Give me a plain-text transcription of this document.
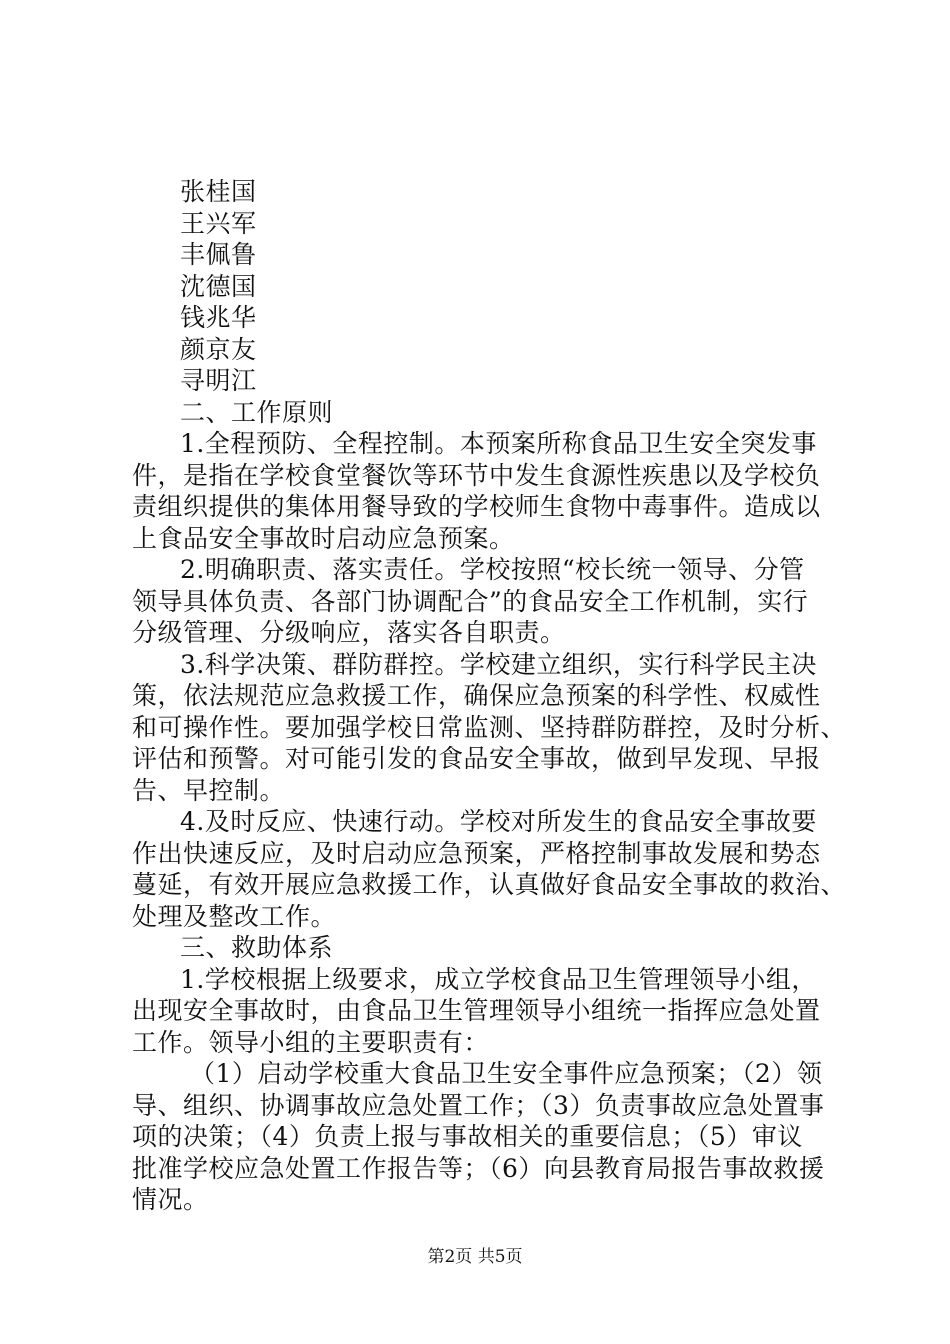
张桂国
王兴军
丰佩鲁
沈德国
钱兆华
颜京友
寻明江
二、工作原则
1.全程预防、全程控制。本预案所称食品卫生安全突发事
件，是指在学校食堂餐饮等环节中发生食源性疾患以及学校负
责组织提供的集体用餐导致的学校师生食物中毒事件。造成以
上食品安全事故时启动应急预案。
2.明确职责、落实责任。学校按照“校长统一领导、分管
领导具体负责、各部门协调配合”的食品安全工作机制，实行
分级管理、分级响应，落实各自职责。
3.科学决策、群防群控。学校建立组织，实行科学民主决
策，依法规范应急救援工作，确保应急预案的科学性、权威性
和可操作性。要加强学校日常监测、坚持群防群控，及时分析、
评估和预警。对可能引发的食品安全事故，做到早发现、早报
告、早控制。
4.及时反应、快速行动。学校对所发生的食品安全事故要
作出快速反应，及时启动应急预案，严格控制事故发展和势态
蔓延，有效开展应急救援工作，认真做好食品安全事故的救治、
处理及整改工作。
三、救助体系
1.学校根据上级要求，成立学校食品卫生管理领导小组，
出现安全事故时，由食品卫生管理领导小组统一指挥应急处置
工作。领导小组的主要职责有：
（1）启动学校重大食品卫生安全事件应急预案；（2）领
导、组织、协调事故应急处置工作；（3）负责事故应急处置事
项的决策；（4）负责上报与事故相关的重要信息；（5）审议
批准学校应急处置工作报告等；（6）向县教育局报告事故救援
情况。
第2页 共5页
